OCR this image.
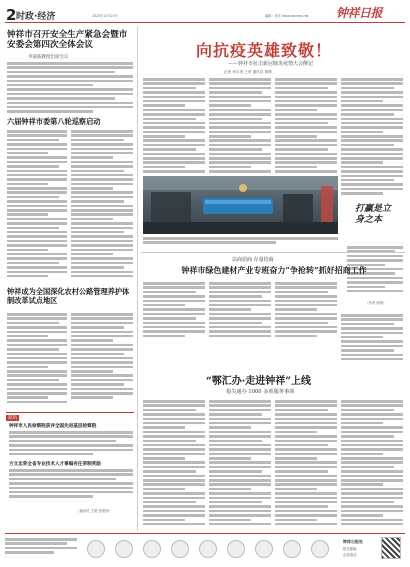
2 时政·经济	2020年10月23日	编辑：何宇 www.zqnews.net 钟祥日报
钟祥市召开安全生产紧急会暨市安委会第四次全体会议
李波陈教授出席会议
六届钟祥市委第八轮巡察启动
钟祥成为全国深化农村公路管理养护体制改革试点地区
简讯
钟祥市人民检察院获评全国先进基层检察院
方文忠荣全省专业技术人才事编有任荣制奖励
（通讯员 王超 张建伟）
向抗疫英雄致敬！
——钟祥市抗击新冠肺炎疫情大会侧记
记者 何宇涛 王荣 通讯员 林锋
打赢是立身之本
（作者 杨国）
以商招商 存量招商
钟祥市绿色建材产业专班奋力“争抢转”抓好招商工作
“鄂汇办·走进钟祥”上线
指尖通办 1000 多项服务事项
钟祥日报社
报社邮编
总机电话
